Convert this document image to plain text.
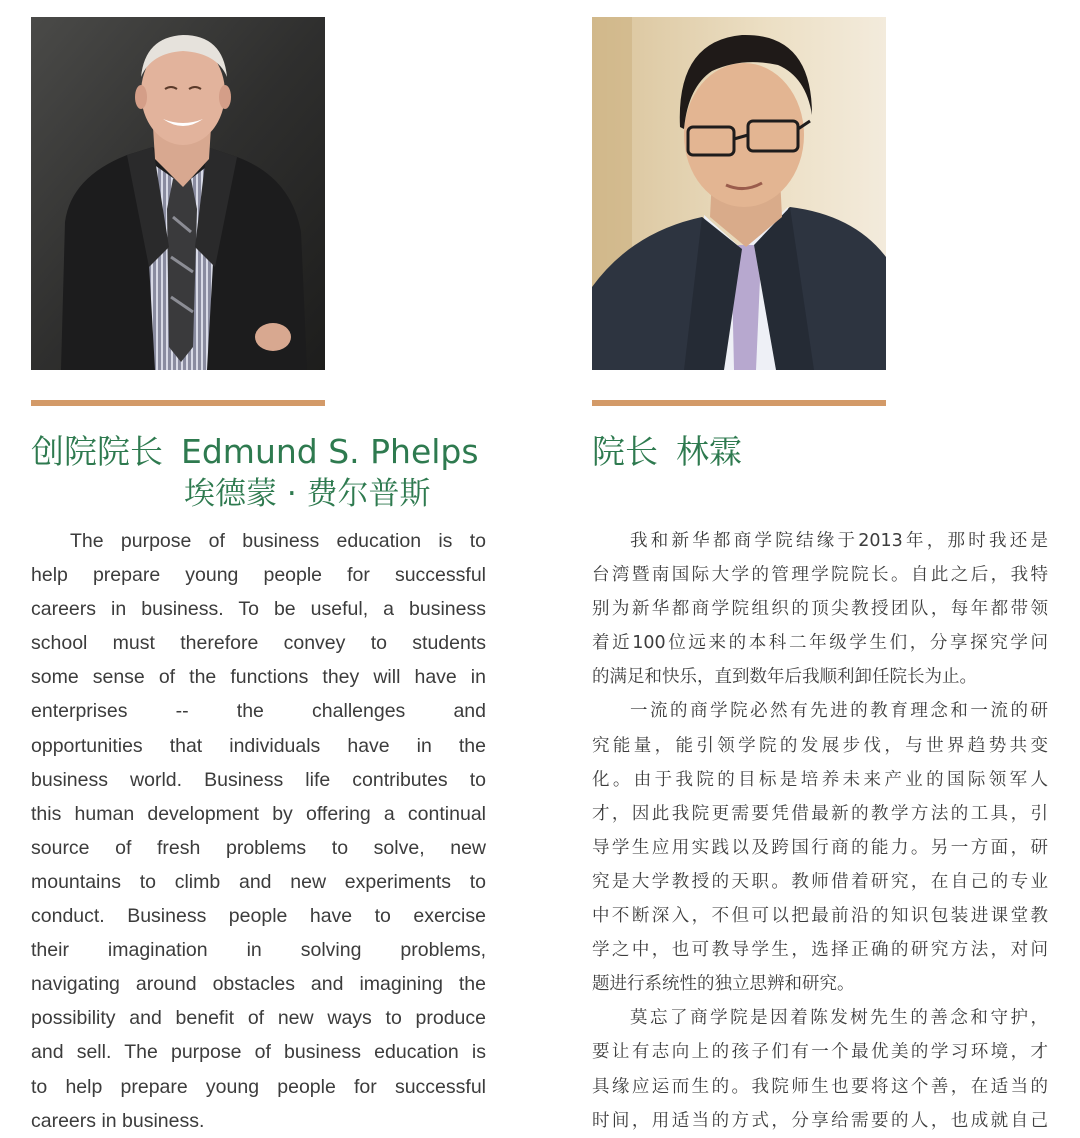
创院院长 Edmund S. Phelps
埃德蒙 · 费尔普斯
The purpose of business education is to
help prepare young people for successful
careers in business. To be useful, a business
school must therefore convey to students
some sense of the functions they will have in
enterprises -- the challenges and
opportunities that individuals have in the
business world. Business life contributes to
this human development by offering a continual
source of fresh problems to solve, new
mountains to climb and new experiments to
conduct. Business people have to exercise
their imagination in solving problems,
navigating around obstacles and imagining the
possibility and benefit of new ways to produce
and sell. The purpose of business education is
to help prepare young people for successful
careers in business.
院长 林霖
我和新华都商学院结缘于2013年，那时我还是
台湾暨南国际大学的管理学院院长。自此之后，我特
别为新华都商学院组织的顶尖教授团队，每年都带领
着近100位远来的本科二年级学生们，分享探究学问
的满足和快乐，直到数年后我顺利卸任院长为止。
一流的商学院必然有先进的教育理念和一流的研
究能量，能引领学院的发展步伐，与世界趋势共变
化。由于我院的目标是培养未来产业的国际领军人
才，因此我院更需要凭借最新的教学方法的工具，引
导学生应用实践以及跨国行商的能力。另一方面，研
究是大学教授的天职。教师借着研究，在自己的专业
中不断深入，不但可以把最前沿的知识包装进课堂教
学之中，也可教导学生，选择正确的研究方法，对问
题进行系统性的独立思辨和研究。
莫忘了商学院是因着陈发树先生的善念和守护，
要让有志向上的孩子们有一个最优美的学习环境，才
具缘应运而生的。我院师生也要将这个善，在适当的
时间，用适当的方式，分享给需要的人，也成就自己
